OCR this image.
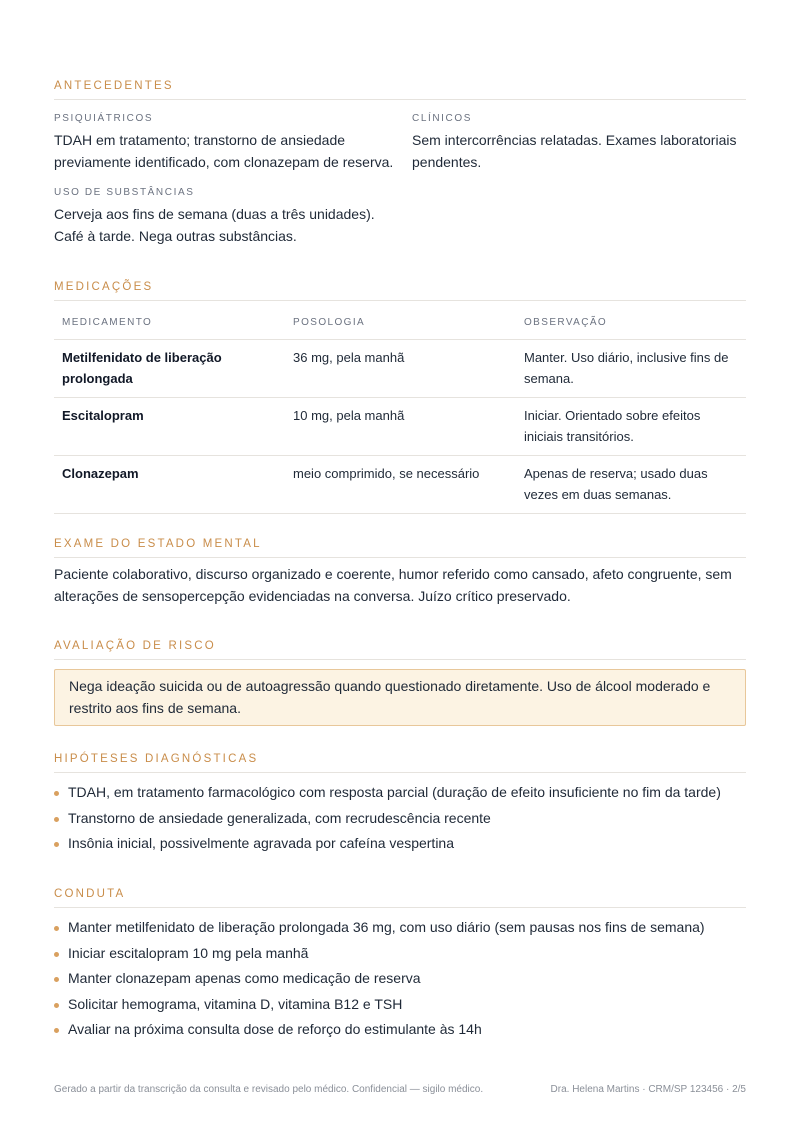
ANTECEDENTES
PSIQUIÁTRICOS

TDAH em tratamento; transtorno de ansiedade previamente identificado, com clonazepam de reserva.

USO DE SUBSTÂNCIAS

Cerveja aos fins de semana (duas a três unidades). Café à tarde. Nega outras substâncias.

CLÍNICOS

Sem intercorrências relatadas. Exames laboratoriais pendentes.

MEDICAÇÕES
MEDICAMENTO	POSOLOGIA	OBSERVAÇÃO
Metilfenidato de liberação prolongada	36 mg, pela manhã	Manter. Uso diário, inclusive fins de semana.
Escitalopram	10 mg, pela manhã	Iniciar. Orientado sobre efeitos iniciais transitórios.
Clonazepam	meio comprimido, se necessário	Apenas de reserva; usado duas vezes em duas semanas.
EXAME DO ESTADO MENTAL

Paciente colaborativo, discurso organizado e coerente, humor referido como cansado, afeto congruente, sem alterações de sensopercepção evidenciadas na conversa. Juízo crítico preservado.

AVALIAÇÃO DE RISCO
Nega ideação suicida ou de autoagressão quando questionado diretamente. Uso de álcool moderado e restrito aos fins de semana.
HIPÓTESES DIAGNÓSTICAS
TDAH, em tratamento farmacológico com resposta parcial (duração de efeito insuficiente no fim da tarde)
Transtorno de ansiedade generalizada, com recrudescência recente
Insônia inicial, possivelmente agravada por cafeína vespertina
CONDUTA
Manter metilfenidato de liberação prolongada 36 mg, com uso diário (sem pausas nos fins de semana)
Iniciar escitalopram 10 mg pela manhã
Manter clonazepam apenas como medicação de reserva
Solicitar hemograma, vitamina D, vitamina B12 e TSH
Avaliar na próxima consulta dose de reforço do estimulante às 14h
Gerado a partir da transcrição da consulta e revisado pelo médico. Confidencial — sigilo médico.	Dra. Helena Martins · CRM/SP 123456 · 2/5
